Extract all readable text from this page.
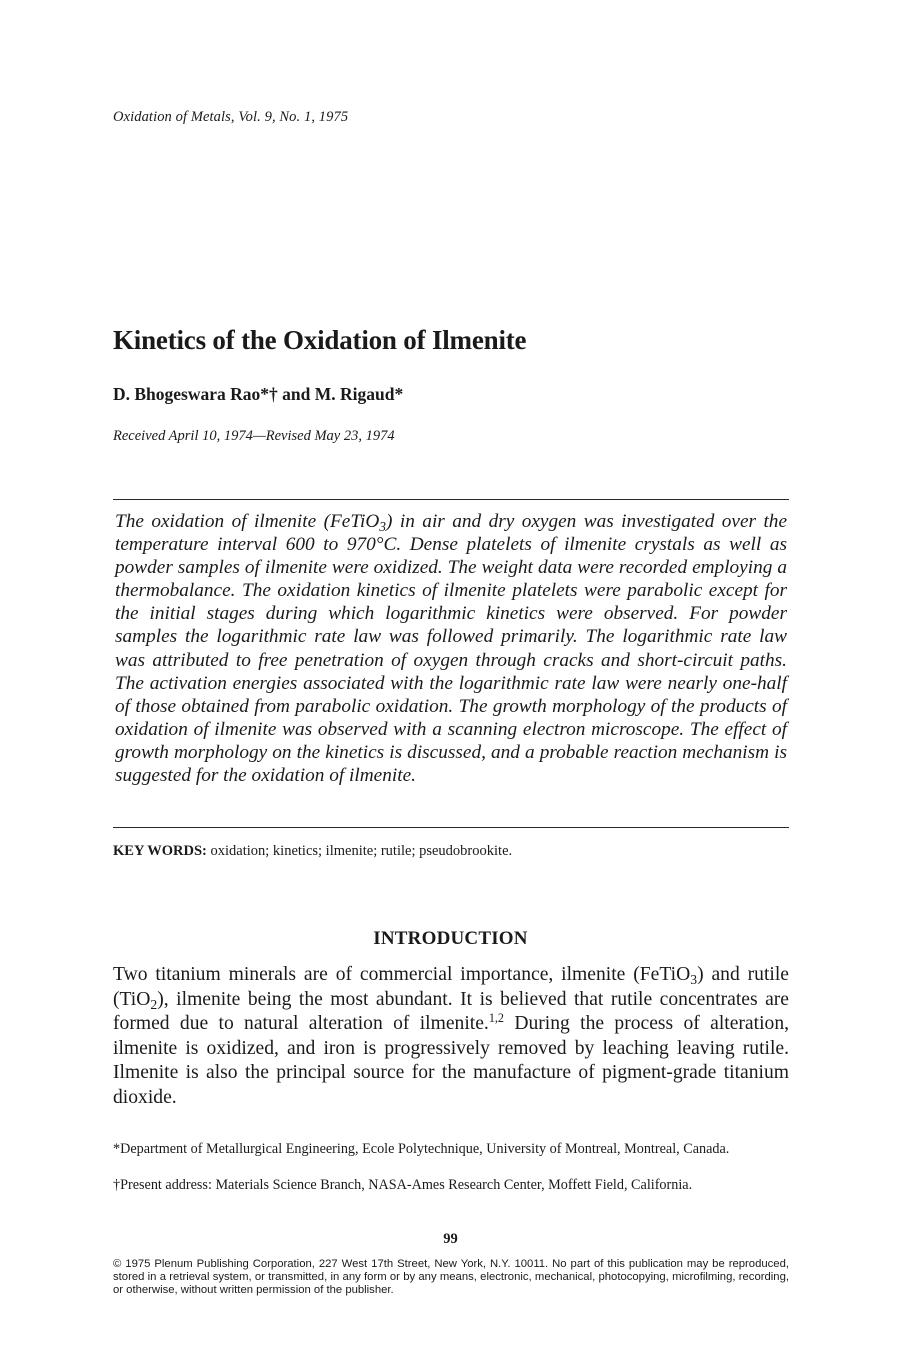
Oxidation of Metals, Vol. 9, No. 1, 1975
Kinetics of the Oxidation of Ilmenite
D. Bhogeswara Rao*† and M. Rigaud*
Received April 10, 1974—Revised May 23, 1974

The oxidation of ilmenite (FeTiO$_3$) in air and dry oxygen was investigated over the temperature interval 600 to 970°C. Dense platelets of ilmenite crystals as well as powder samples of ilmenite were oxidized. The weight data were recorded employing a thermobalance. The oxidation kinetics of ilmenite platelets were parabolic except for the initial stages during which logarithmic kinetics were observed. For powder samples the logarithmic rate law was followed primarily. The logarithmic rate law was attributed to free penetration of oxygen through cracks and short-circuit paths. The activation energies associated with the logarithmic rate law were nearly one-half of those obtained from parabolic oxidation. The growth morphology of the products of oxidation of ilmenite was observed with a scanning electron microscope. The effect of growth morphology on the kinetics is discussed, and a probable reaction mechanism is suggested for the oxidation of ilmenite.

KEY WORDS: oxidation; kinetics; ilmenite; rutile; pseudobrookite.
INTRODUCTION

Two titanium minerals are of commercial importance, ilmenite (FeTiO$_3$) and rutile (TiO$_2$), ilmenite being the most abundant. It is believed that rutile concentrates are formed due to natural alteration of ilmenite.$^{1,2}$ During the process of alteration, ilmenite is oxidized, and iron is progressively removed by leaching leaving rutile. Ilmenite is also the principal source for the manufacture of pigment-grade titanium dioxide.

*Department of Metallurgical Engineering, Ecole Polytechnique, University of Montreal, Montreal, Canada.
†Present address: Materials Science Branch, NASA-Ames Research Center, Moffett Field, California.
99
© 1975 Plenum Publishing Corporation, 227 West 17th Street, New York, N.Y. 10011. No part of this publication may be reproduced, stored in a retrieval system, or transmitted, in any form or by any means, electronic, mechanical, photocopying, microfilming, recording, or otherwise, without written permission of the publisher.
